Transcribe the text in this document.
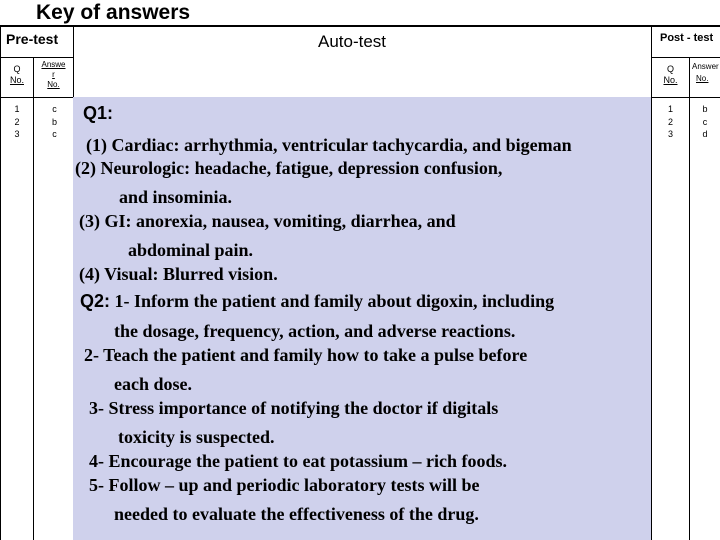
Key of answers
Pre-test
Q
No.
Answe
r
No.
1
2
3
c
b
c
Auto-test
Q1:
(1) Cardiac: arrhythmia, ventricular tachycardia, and bigeman
(2) Neurologic: headache, fatigue, depression confusion,
and insominia.
(3) GI: anorexia, nausea, vomiting, diarrhea, and
abdominal pain.
(4) Visual: Blurred vision.
Q2: 1- Inform the patient and family about digoxin, including
the dosage, frequency, action, and adverse reactions.
2- Teach the patient and family how to take a pulse before
each dose.
3- Stress importance of notifying the doctor if digitals
toxicity is suspected.
4- Encourage the patient to eat potassium – rich foods.
5- Follow – up and periodic laboratory tests will be
needed to evaluate the effectiveness of the drug.
Post - test
Q
No.
Answer
No.
1
2
3
b
c
d
